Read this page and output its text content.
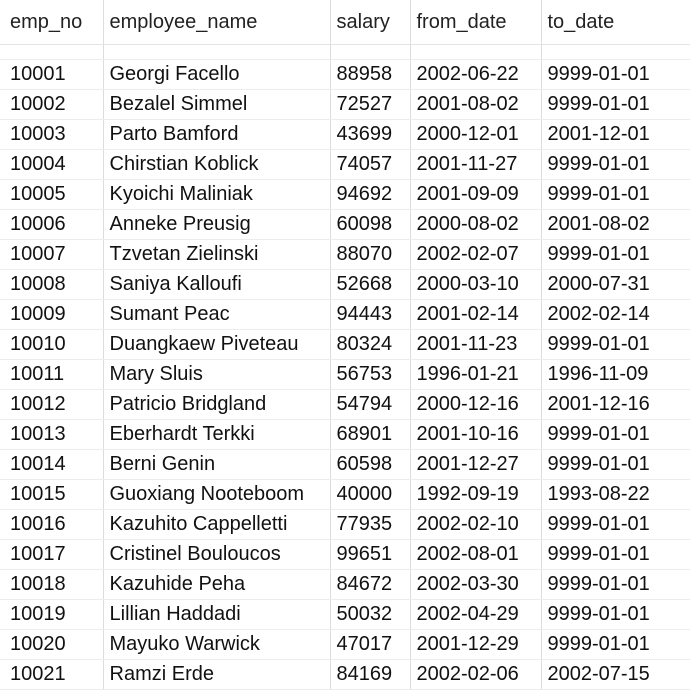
emp_no	employee_name	salary	from_date	to_date

10001	Georgi Facello	88958	2002-06-22	9999-01-01
10002	Bezalel Simmel	72527	2001-08-02	9999-01-01
10003	Parto Bamford	43699	2000-12-01	2001-12-01
10004	Chirstian Koblick	74057	2001-11-27	9999-01-01
10005	Kyoichi Maliniak	94692	2001-09-09	9999-01-01
10006	Anneke Preusig	60098	2000-08-02	2001-08-02
10007	Tzvetan Zielinski	88070	2002-02-07	9999-01-01
10008	Saniya Kalloufi	52668	2000-03-10	2000-07-31
10009	Sumant Peac	94443	2001-02-14	2002-02-14
10010	Duangkaew Piveteau	80324	2001-11-23	9999-01-01
10011	Mary Sluis	56753	1996-01-21	1996-11-09
10012	Patricio Bridgland	54794	2000-12-16	2001-12-16
10013	Eberhardt Terkki	68901	2001-10-16	9999-01-01
10014	Berni Genin	60598	2001-12-27	9999-01-01
10015	Guoxiang Nooteboom	40000	1992-09-19	1993-08-22
10016	Kazuhito Cappelletti	77935	2002-02-10	9999-01-01
10017	Cristinel Bouloucos	99651	2002-08-01	9999-01-01
10018	Kazuhide Peha	84672	2002-03-30	9999-01-01
10019	Lillian Haddadi	50032	2002-04-29	9999-01-01
10020	Mayuko Warwick	47017	2001-12-29	9999-01-01
10021	Ramzi Erde	84169	2002-02-06	2002-07-15
